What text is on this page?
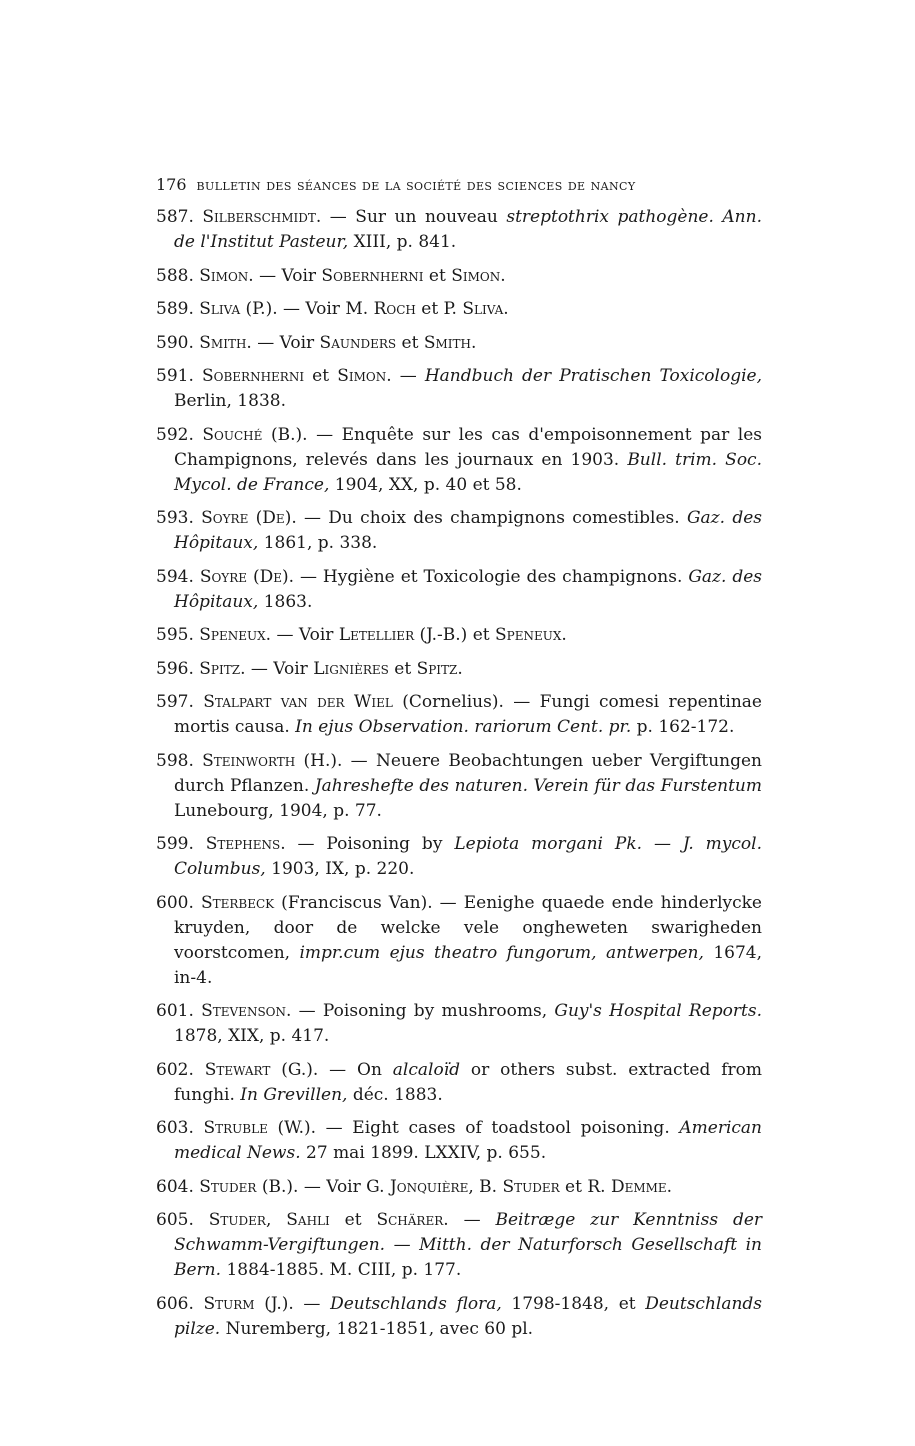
176 bulletin des séances de la société des sciences de nancy
587. Silberschmidt. — Sur un nouveau streptothrix pathogène. Ann. de l'Institut Pasteur, XIII, p. 841.
588. Simon. — Voir Sobernherni et Simon.
589. Sliva (P.). — Voir M. Roch et P. Sliva.
590. Smith. — Voir Saunders et Smith.
591. Sobernherni et Simon. — Handbuch der Pratischen Toxicologie, Berlin, 1838.
592. Souché (B.). — Enquête sur les cas d'empoisonnement par les Champignons, relevés dans les journaux en 1903. Bull. trim. Soc. Mycol. de France, 1904, XX, p. 40 et 58.
593. Soyre (De). — Du choix des champignons comestibles. Gaz. des Hôpitaux, 1861, p. 338.
594. Soyre (De). — Hygiène et Toxicologie des champignons. Gaz. des Hôpitaux, 1863.
595. Speneux. — Voir Letellier (J.-B.) et Speneux.
596. Spitz. — Voir Lignières et Spitz.
597. Stalpart van der Wiel (Cornelius). — Fungi comesi repentinae mortis causa. In ejus Observation. rariorum Cent. pr. p. 162-172.
598. Steinworth (H.). — Neuere Beobachtungen ueber Vergiftungen durch Pflanzen. Jahreshefte des naturen. Verein für das Furstentum Lunebourg, 1904, p. 77.
599. Stephens. — Poisoning by Lepiota morgani Pk. — J. mycol. Columbus, 1903, IX, p. 220.
600. Sterbeck (Franciscus Van). — Eenighe quaede ende hinderlycke kruyden, door de welcke vele ongheweten swarigheden voorstcomen, impr.cum ejus theatro fungorum, antwerpen, 1674, in-4.
601. Stevenson. — Poisoning by mushrooms, Guy's Hospital Reports. 1878, XIX, p. 417.
602. Stewart (G.). — On alcaloïd or others subst. extracted from funghi. In Grevillen, déc. 1883.
603. Struble (W.). — Eight cases of toadstool poisoning. American medical News. 27 mai 1899. LXXIV, p. 655.
604. Studer (B.). — Voir G. Jonquière, B. Studer et R. Demme.
605. Studer, Sahli et Schärer. — Beitræge zur Kenntniss der Schwamm-Vergiftungen. — Mitth. der Naturforsch Gesellschaft in Bern. 1884-1885. M. CIII, p. 177.
606. Sturm (J.). — Deutschlands flora, 1798-1848, et Deutschlands pilze. Nuremberg, 1821-1851, avec 60 pl.
